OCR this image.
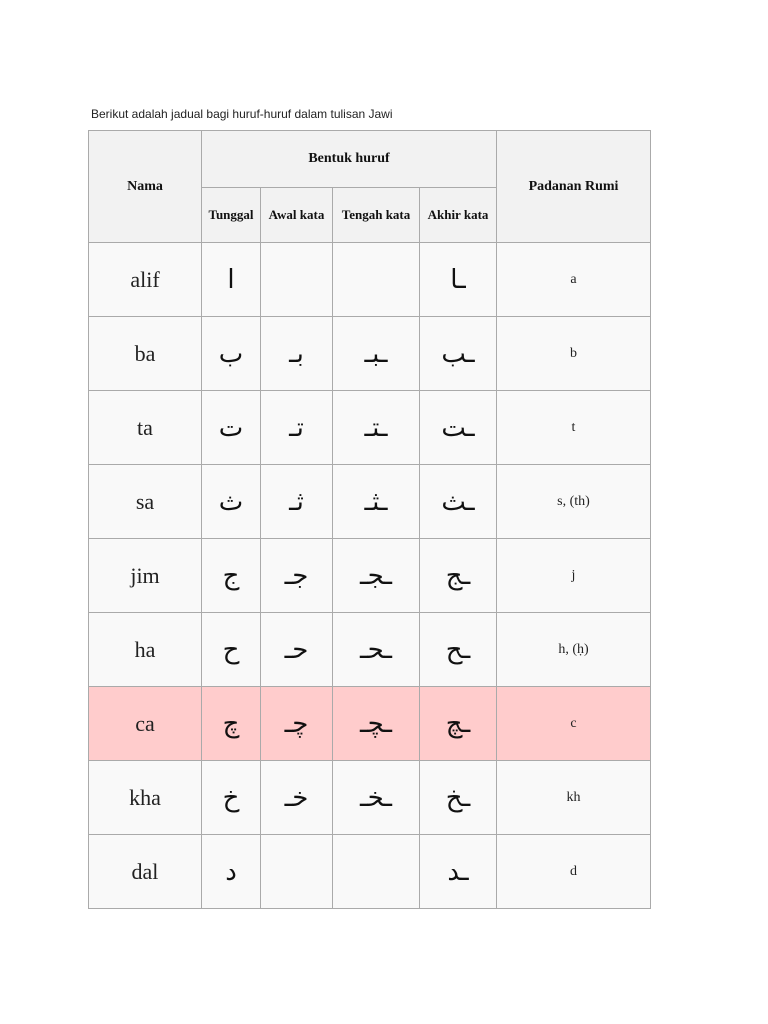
Berikut adalah jadual bagi huruf-huruf dalam tulisan Jawi

Nama	Bentuk huruf				Padanan Rumi
	Tunggal	Awal kata	Tengah kata	Akhir kata	
alif	ا			ـا	a
ba	ب	بـ	ـبـ	ـب	b
ta	ت	تـ	ـتـ	ـت	t
sa	ث	ثـ	ـثـ	ـث	s, (th)
jim	ج	جـ	ـجـ	ـج	j
ha	ح	حـ	ـحـ	ـح	h, (ḥ)
ca	چ	چـ	ـچـ	ـچ	c
kha	خ	خـ	ـخـ	ـخ	kh
dal	د			ـد	d
